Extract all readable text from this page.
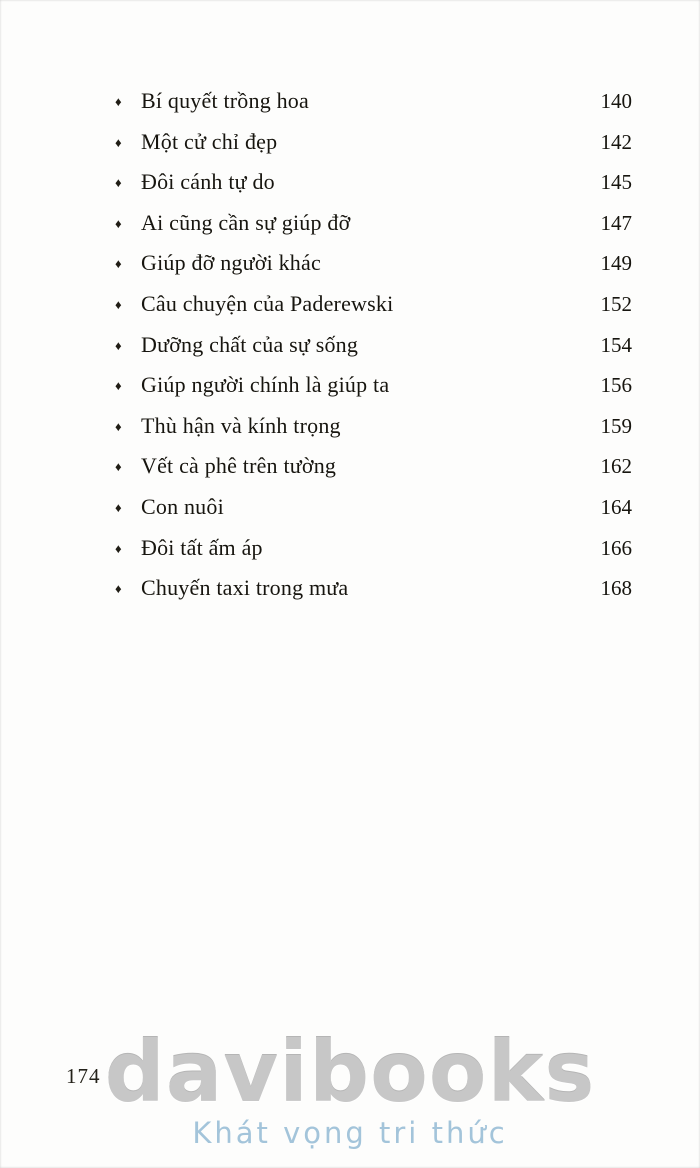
♦ Bí quyết trồng hoa	140
♦ Một cử chỉ đẹp	142
♦ Đôi cánh tự do	145
♦ Ai cũng cần sự giúp đỡ	147
♦ Giúp đỡ người khác	149
♦ Câu chuyện của Paderewski	152
♦ Dưỡng chất của sự sống	154
♦ Giúp người chính là giúp ta	156
♦ Thù hận và kính trọng	159
♦ Vết cà phê trên tường	162
♦ Con nuôi	164
♦ Đôi tất ấm áp	166
♦ Chuyến taxi trong mưa	168
174 davibooks
Khát vọng tri thức
